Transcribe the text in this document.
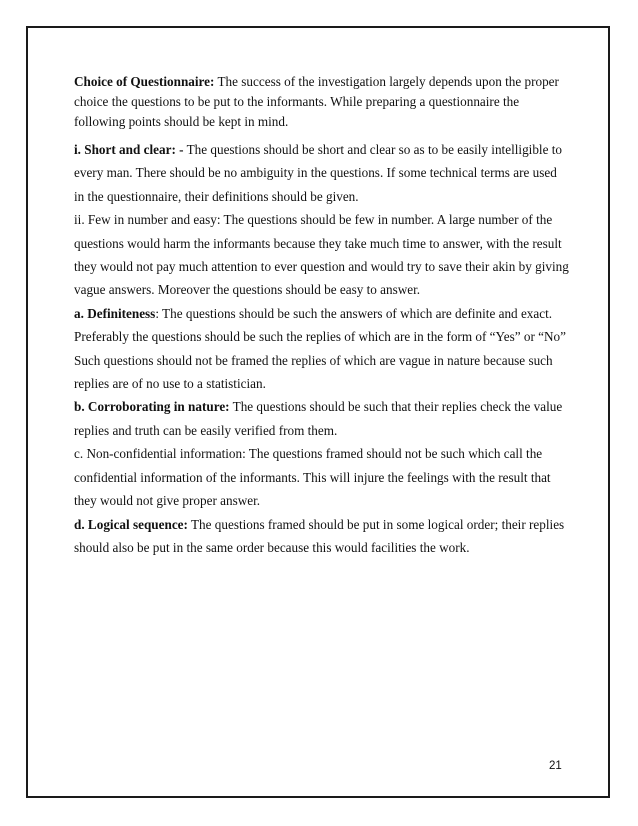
Choice of Questionnaire: The success of the investigation largely depends upon the proper choice the questions to be put to the informants. While preparing a questionnaire the following points should be kept in mind.

i. Short and clear: - The questions should be short and clear so as to be easily intelligible to every man. There should be no ambiguity in the questions. If some technical terms are used in the questionnaire, their definitions should be given.

ii. Few in number and easy: The questions should be few in number. A large number of the questions would harm the informants because they take much time to answer, with the result they would not pay much attention to ever question and would try to save their akin by giving vague answers. Moreover the questions should be easy to answer.

a. Definiteness: The questions should be such the answers of which are definite and exact. Preferably the questions should be such the replies of which are in the form of “Yes” or “No” Such questions should not be framed the replies of which are vague in nature because such replies are of no use to a statistician.

b. Corroborating in nature: The questions should be such that their replies check the value replies and truth can be easily verified from them.

c. Non-confidential information: The questions framed should not be such which call the confidential information of the informants. This will injure the feelings with the result that they would not give proper answer.

d. Logical sequence: The questions framed should be put in some logical order; their replies should also be put in the same order because this would facilities the work.

21
